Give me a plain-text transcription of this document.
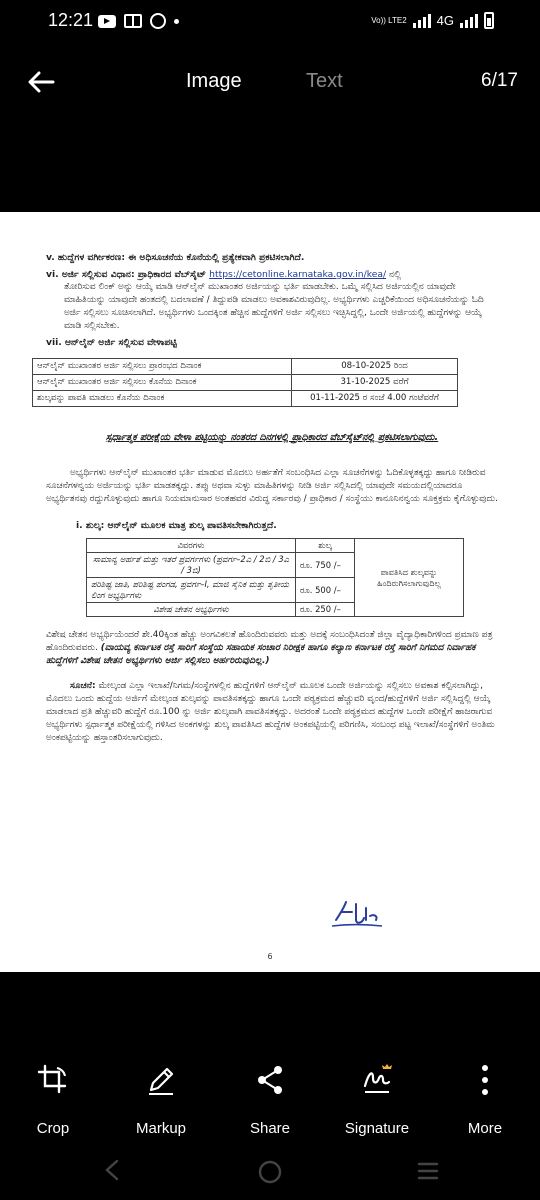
12:21	Vo)) LTE2 4G
Image	Text	6/17
v. ಹುದ್ದೆಗಳ ವರ್ಗೀಕರಣ: ಈ ಅಧಿಸೂಚನೆಯ ಕೊನೆಯಲ್ಲಿ ಪ್ರತ್ಯೇಕವಾಗಿ ಪ್ರಕಟಿಸಲಾಗಿದೆ.
vi. ಅರ್ಜಿ ಸಲ್ಲಿಸುವ ವಿಧಾನ: ಪ್ರಾಧಿಕಾರದ ವೆಬ್‌ಸೈಟ್ https://cetonline.karnataka.gov.in/kea/ ನಲ್ಲಿ
ತೋರಿಸುವ ಲಿಂಕ್ ಅನ್ನು ಆಯ್ಕೆ ಮಾಡಿ ಆನ್‌ಲೈನ್ ಮುಖಾಂತರ ಅರ್ಜಿಯನ್ನು ಭರ್ತಿ ಮಾಡಬೇಕು. ಒಮ್ಮೆ ಸಲ್ಲಿಸಿದ ಅರ್ಜಿಯಲ್ಲಿನ ಯಾವುದೇ ಮಾಹಿತಿಯನ್ನು ಯಾವುದೇ ಹಂತದಲ್ಲಿ ಬದಲಾವಣೆ / ತಿದ್ದುಪಡಿ ಮಾಡಲು ಅವಕಾಶವಿರುವುದಿಲ್ಲ. ಅಭ್ಯರ್ಥಿಗಳು ಎಚ್ಚರಿಕೆಯಿಂದ ಅಧಿಸೂಚನೆಯನ್ನು ಓದಿ ಅರ್ಜಿ ಸಲ್ಲಿಸಲು ಸೂಚಿಸಲಾಗಿದೆ. ಅಭ್ಯರ್ಥಿಗಳು ಒಂದಕ್ಕಿಂತ ಹೆಚ್ಚಿನ ಹುದ್ದೆಗಳಿಗೆ ಅರ್ಜಿ ಸಲ್ಲಿಸಲು ಇಚ್ಛಿಸಿದ್ದಲ್ಲಿ, ಒಂದೇ ಅರ್ಜಿಯಲ್ಲಿ ಹುದ್ದೆಗಳನ್ನು ಆಯ್ಕೆ ಮಾಡಿ ಸಲ್ಲಿಸಬೇಕು.
vii. ಆನ್‌ಲೈನ್ ಅರ್ಜಿ ಸಲ್ಲಿಸುವ ವೇಳಾಪಟ್ಟಿ
ಆನ್‌ಲೈನ್ ಮುಖಾಂತರ ಅರ್ಜಿ ಸಲ್ಲಿಸಲು ಪ್ರಾರಂಭದ ದಿನಾಂಕ	08-10-2025 ರಿಂದ
ಆನ್‌ಲೈನ್ ಮುಖಾಂತರ ಅರ್ಜಿ ಸಲ್ಲಿಸಲು ಕೊನೆಯ ದಿನಾಂಕ	31-10-2025 ವರೆಗೆ
ಶುಲ್ಕವನ್ನು ಪಾವತಿ ಮಾಡಲು ಕೊನೆಯ ದಿನಾಂಕ	01-11-2025 ರ ಸಂಜೆ 4.00 ಗಂಟೆವರೆಗೆ
ಸ್ಪರ್ಧಾತ್ಮಕ ಪರೀಕ್ಷೆಯ ವೇಳಾ ಪಟ್ಟಿಯನ್ನು ನಂತರದ ದಿನಗಳಲ್ಲಿ ಪ್ರಾಧಿಕಾರದ ವೆಬ್‌ಸೈಟ್‌ನಲ್ಲಿ ಪ್ರಕಟಿಸಲಾಗುವುದು.
ಅಭ್ಯರ್ಥಿಗಳು ಆನ್‌ಲೈನ್ ಮುಖಾಂತರ ಭರ್ತಿ ಮಾಡುವ ಮೊದಲು ಅರ್ಹತೆಗೆ ಸಂಬಂಧಿಸಿದ ಎಲ್ಲಾ ಸೂಚನೆಗಳನ್ನು ಓದಿಕೊಳ್ಳತಕ್ಕದ್ದು ಹಾಗೂ ನೀಡಿರುವ ಸೂಚನೆಗಳನ್ವಯ ಅರ್ಜಿಯನ್ನು ಭರ್ತಿ ಮಾಡತಕ್ಕದ್ದು. ತಪ್ಪು ಅಥವಾ ಸುಳ್ಳು ಮಾಹಿತಿಗಳನ್ನು ನೀಡಿ ಅರ್ಜಿ ಸಲ್ಲಿಸಿದಲ್ಲಿ ಯಾವುದೇ ಸಮಯದಲ್ಲಿಯಾದರೂ ಅಭ್ಯರ್ಥಿತನವು ರದ್ದುಗೊಳ್ಳುವುದು ಹಾಗೂ ನಿಯಮಾನುಸಾರ ಅಂತಹವರ ವಿರುದ್ಧ ಸರ್ಕಾರವು / ಪ್ರಾಧಿಕಾರ / ಸಂಸ್ಥೆಯು ಕಾನೂನಿನನ್ವಯ ಸೂಕ್ತಕ್ರಮ ಕೈಗೊಳ್ಳುವುದು.
i. ಶುಲ್ಕ: ಆನ್‌ಲೈನ್ ಮೂಲಕ ಮಾತ್ರ ಶುಲ್ಕ ಪಾವತಿಸಬೇಕಾಗಿರುತ್ತದೆ.
ವಿವರಗಳು	ಶುಲ್ಕ	ಪಾವತಿಸಿದ ಶುಲ್ಕವನ್ನು ಹಿಂದಿರುಗಿಸಲಾಗುವುದಿಲ್ಲ
ಸಾಮಾನ್ಯ ಅರ್ಹತೆ ಮತ್ತು ಇತರೆ ಪ್ರವರ್ಗಗಳು (ಪ್ರವರ್ಗ–2ಎ / 2ಬಿ / 3ಎ / 3ಬಿ)	ರೂ. 750 /–	
ಪರಿಶಿಷ್ಟ ಜಾತಿ, ಪರಿಶಿಷ್ಟ ಪಂಗಡ, ಪ್ರವರ್ಗ–I, ಮಾಜಿ ಸೈನಿಕ ಮತ್ತು ತೃತೀಯ ಲಿಂಗ ಅಭ್ಯರ್ಥಿಗಳು	ರೂ. 500 /–	
ವಿಶೇಷ ಚೇತನ ಅಭ್ಯರ್ಥಿಗಳು	ರೂ. 250 /–	
ವಿಶೇಷ ಚೇತನ ಅಭ್ಯರ್ಥಿಯೆಂದರೆ ಶೇ.40ಕ್ಕಿಂತ ಹೆಚ್ಚು ಅಂಗವಿಕಲತೆ ಹೊಂದಿರುವವರು ಮತ್ತು ಅದಕ್ಕೆ ಸಂಬಂಧಿಸಿದಂತೆ ಜಿಲ್ಲಾ ವೈದ್ಯಾಧಿಕಾರಿಗಳಿಂದ ಪ್ರಮಾಣ ಪತ್ರ ಹೊಂದಿರುವವರು. (ವಾಯವ್ಯ ಕರ್ನಾಟಕ ರಸ್ತೆ ಸಾರಿಗೆ ಸಂಸ್ಥೆಯ ಸಹಾಯಕ ಸಂಚಾರ ನಿರೀಕ್ಷಕ ಹಾಗೂ ಕಲ್ಯಾಣ ಕರ್ನಾಟಕ ರಸ್ತೆ ಸಾರಿಗೆ ನಿಗಮದ ನಿರ್ವಾಹಕ ಹುದ್ದೆಗಳಿಗೆ ವಿಶೇಷ ಚೇತನ ಅಭ್ಯರ್ಥಿಗಳು ಅರ್ಜಿ ಸಲ್ಲಿಸಲು ಅರ್ಹರಿರುವುದಿಲ್ಲ.)
ಸೂಚನೆ: ಮೇಲ್ಕಂಡ ಎಲ್ಲಾ ಇಲಾಖೆ/ನಿಗಮ/ಸಂಸ್ಥೆಗಳಲ್ಲಿನ ಹುದ್ದೆಗಳಿಗೆ ಆನ್‌ಲೈನ್ ಮೂಲಕ ಒಂದೇ ಅರ್ಜಿಯನ್ನು ಸಲ್ಲಿಸಲು ಅವಕಾಶ ಕಲ್ಪಿಸಲಾಗಿದ್ದು, ಮೊದಲು ಒಂದು ಹುದ್ದೆಯ ಅರ್ಜಿಗೆ ಮೇಲ್ಕಂಡ ಶುಲ್ಕವನ್ನು ಪಾವತಿಸತಕ್ಕದ್ದು ಹಾಗೂ ಒಂದೇ ಪಠ್ಯಕ್ರಮದ ಹೆಚ್ಚುವರಿ ವೃಂದ/ಹುದ್ದೆಗಳಿಗೆ ಅರ್ಜಿ ಸಲ್ಲಿಸಿದ್ದಲ್ಲಿ ಆಯ್ಕೆ ಮಾಡಲಾದ ಪ್ರತಿ ಹೆಚ್ಚುವರಿ ಹುದ್ದೆಗೆ ರೂ.100 ನ್ನು ಅರ್ಜಿ ಶುಲ್ಕವಾಗಿ ಪಾವತಿಸತಕ್ಕದ್ದು. ಅದರಂತೆ ಒಂದೇ ಪಠ್ಯಕ್ರಮದ ಹುದ್ದೆಗಳ ಒಂದೇ ಪರೀಕ್ಷೆಗೆ ಹಾಜರಾಗುವ ಅಭ್ಯರ್ಥಿಗಳು ಸ್ಪರ್ಧಾತ್ಮಕ ಪರೀಕ್ಷೆಯಲ್ಲಿ ಗಳಿಸಿದ ಅಂಕಗಳನ್ನು ಶುಲ್ಕ ಪಾವತಿಸಿದ ಹುದ್ದೆಗಳ ಅಂಕಪಟ್ಟಿಯಲ್ಲಿ ಪರಿಗಣಿಸಿ, ಸಂಬಂಧ ಪಟ್ಟ ಇಲಾಖೆ/ಸಂಸ್ಥೆಗಳಿಗೆ ಅಂತಿಮ ಅಂಕಪಟ್ಟಿಯನ್ನು ಹಸ್ತಾಂತರಿಸಲಾಗುವುದು.
6
Crop	Markup	Share	Signature	More
